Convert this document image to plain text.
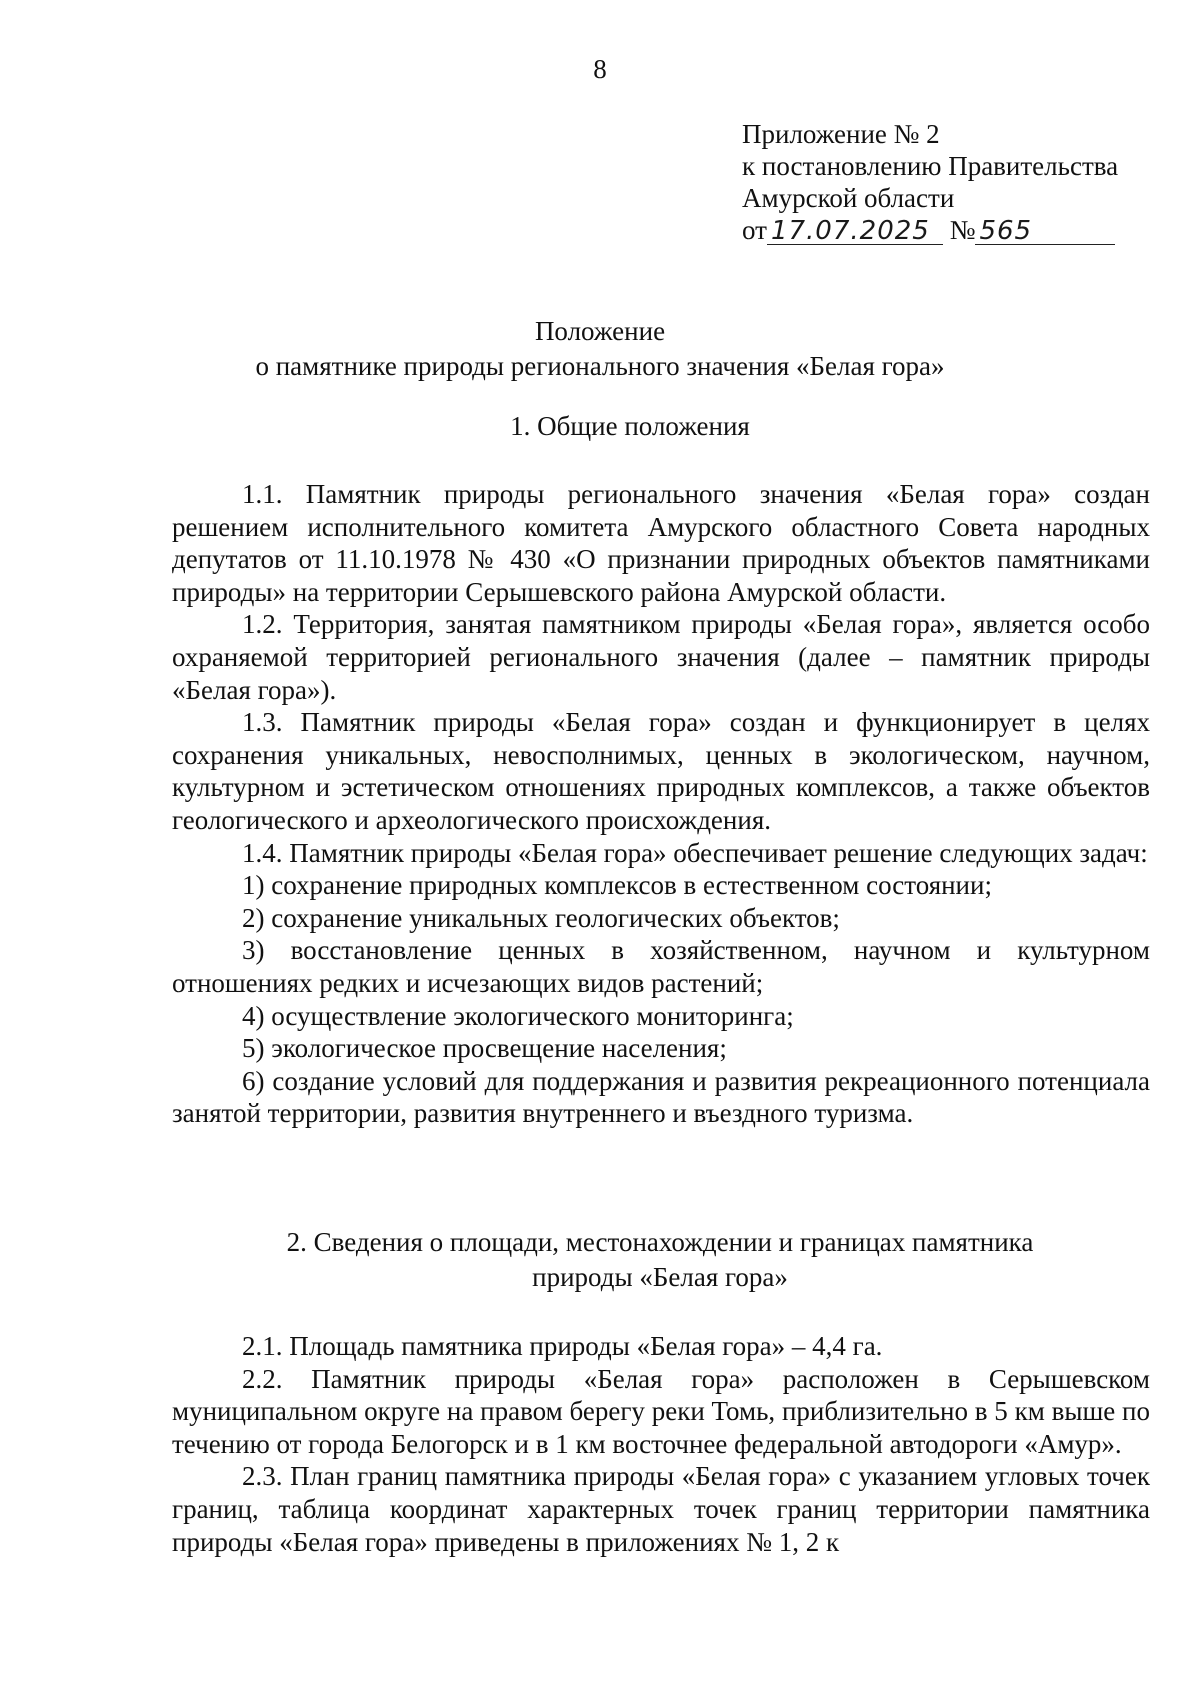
8
Приложение № 2
к постановлению Правительства
Амурской области
от 17.07.2025 № 565
Положение
о памятнике природы регионального значения «Белая гора»
1. Общие положения

1.1. Памятник природы регионального значения «Белая гора» создан решением исполнительного комитета Амурского областного Совета народных депутатов от 11.10.1978 № 430 «О признании природных объектов памятниками природы» на территории Серышевского района Амурской области.

1.2. Территория, занятая памятником природы «Белая гора», является особо охраняемой территорией регионального значения (далее – памятник природы «Белая гора»).

1.3. Памятник природы «Белая гора» создан и функционирует в целях сохранения уникальных, невосполнимых, ценных в экологическом, научном, культурном и эстетическом отношениях природных комплексов, а также объектов геологического и археологического происхождения.

1.4. Памятник природы «Белая гора» обеспечивает решение следующих задач:

1) сохранение природных комплексов в естественном состоянии;

2) сохранение уникальных геологических объектов;

3) восстановление ценных в хозяйственном, научном и культурном отношениях редких и исчезающих видов растений;

4) осуществление экологического мониторинга;

5) экологическое просвещение населения;

6) создание условий для поддержания и развития рекреационного потенциала занятой территории, развития внутреннего и въездного туризма.

2. Сведения о площади, местонахождении и границах памятника
природы «Белая гора»

2.1. Площадь памятника природы «Белая гора» – 4,4 га.

2.2. Памятник природы «Белая гора» расположен в Серышевском муниципальном округе на правом берегу реки Томь, приблизительно в 5 км выше по течению от города Белогорск и в 1 км восточнее федеральной автодороги «Амур».

2.3. План границ памятника природы «Белая гора» с указанием угловых точек границ, таблица координат характерных точек границ территории памятника природы «Белая гора» приведены в приложениях № 1, 2 к
